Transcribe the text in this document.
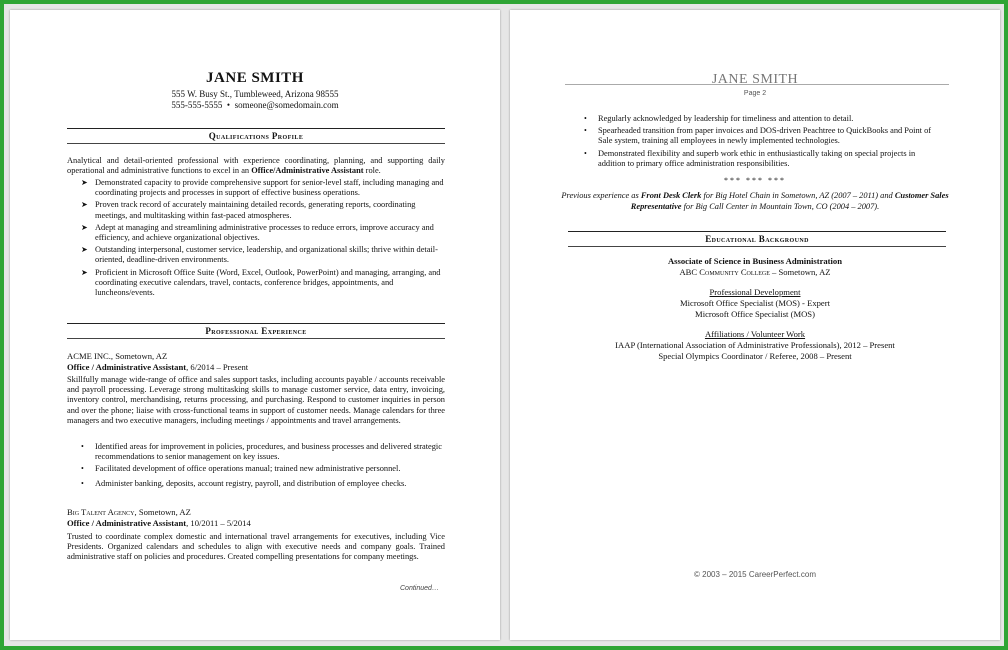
JANE SMITH
555 W. Busy St., Tumbleweed, Arizona 98555
555-555-5555 • someone@somedomain.com
Qualifications Profile
Analytical and detail-oriented professional with experience coordinating, planning, and supporting daily operational and administrative functions to excel in an Office/Administrative Assistant role.
➤ Demonstrated capacity to provide comprehensive support for senior-level staff, including managing and coordinating projects and processes in support of effective business operations.
➤ Proven track record of accurately maintaining detailed records, generating reports, coordinating meetings, and multitasking within fast-paced atmospheres.
➤ Adept at managing and streamlining administrative processes to reduce errors, improve accuracy and efficiency, and achieve organizational objectives.
➤ Outstanding interpersonal, customer service, leadership, and organizational skills; thrive within detail-oriented, deadline-driven environments.
➤ Proficient in Microsoft Office Suite (Word, Excel, Outlook, PowerPoint) and managing, arranging, and coordinating executive calendars, travel, contacts, conference bridges, appointments, and luncheons/events.
Professional Experience
ACME INC., Sometown, AZ
Office / Administrative Assistant, 6/2014 – Present
Skillfully manage wide-range of office and sales support tasks, including accounts payable / accounts receivable and payroll processing. Leverage strong multitasking skills to manage customer service, data entry, invoicing, inventory control, merchandising, returns processing, and purchasing. Respond to customer inquiries in person and over the phone; liaise with cross-functional teams in support of customer needs. Manage calendars for three managers and two executive managers, including meetings / appointments and travel arrangements.
• Identified areas for improvement in policies, procedures, and business processes and delivered strategic recommendations to senior management on key issues.
• Facilitated development of office operations manual; trained new administrative personnel.
• Administer banking, deposits, account registry, payroll, and distribution of employee checks.
Big Talent Agency, Sometown, AZ
Office / Administrative Assistant, 10/2011 – 5/2014
Trusted to coordinate complex domestic and international travel arrangements for executives, including Vice Presidents. Organized calendars and schedules to align with executive needs and company goals. Trained administrative staff on policies and procedures. Created compelling presentations for company meetings.
Continued…
JANE SMITH
Page 2
• Regularly acknowledged by leadership for timeliness and attention to detail.
• Spearheaded transition from paper invoices and DOS-driven Peachtree to QuickBooks and Point of Sale system, training all employees in newly implemented technologies.
• Demonstrated flexibility and superb work ethic in enthusiastically taking on special projects in addition to primary office administration responsibilities.
*** *** ***
Previous experience as Front Desk Clerk for Big Hotel Chain in Sometown, AZ (2007 – 2011) and Customer Sales Representative for Big Call Center in Mountain Town, CO (2004 – 2007).
Educational Background
Associate of Science in Business Administration
ABC Community College – Sometown, AZ
Professional Development
Microsoft Office Specialist (MOS) - Expert
Microsoft Office Specialist (MOS)
Affiliations / Volunteer Work
IAAP (International Association of Administrative Professionals), 2012 – Present
Special Olympics Coordinator / Referee, 2008 – Present
© 2003 – 2015 CareerPerfect.com
